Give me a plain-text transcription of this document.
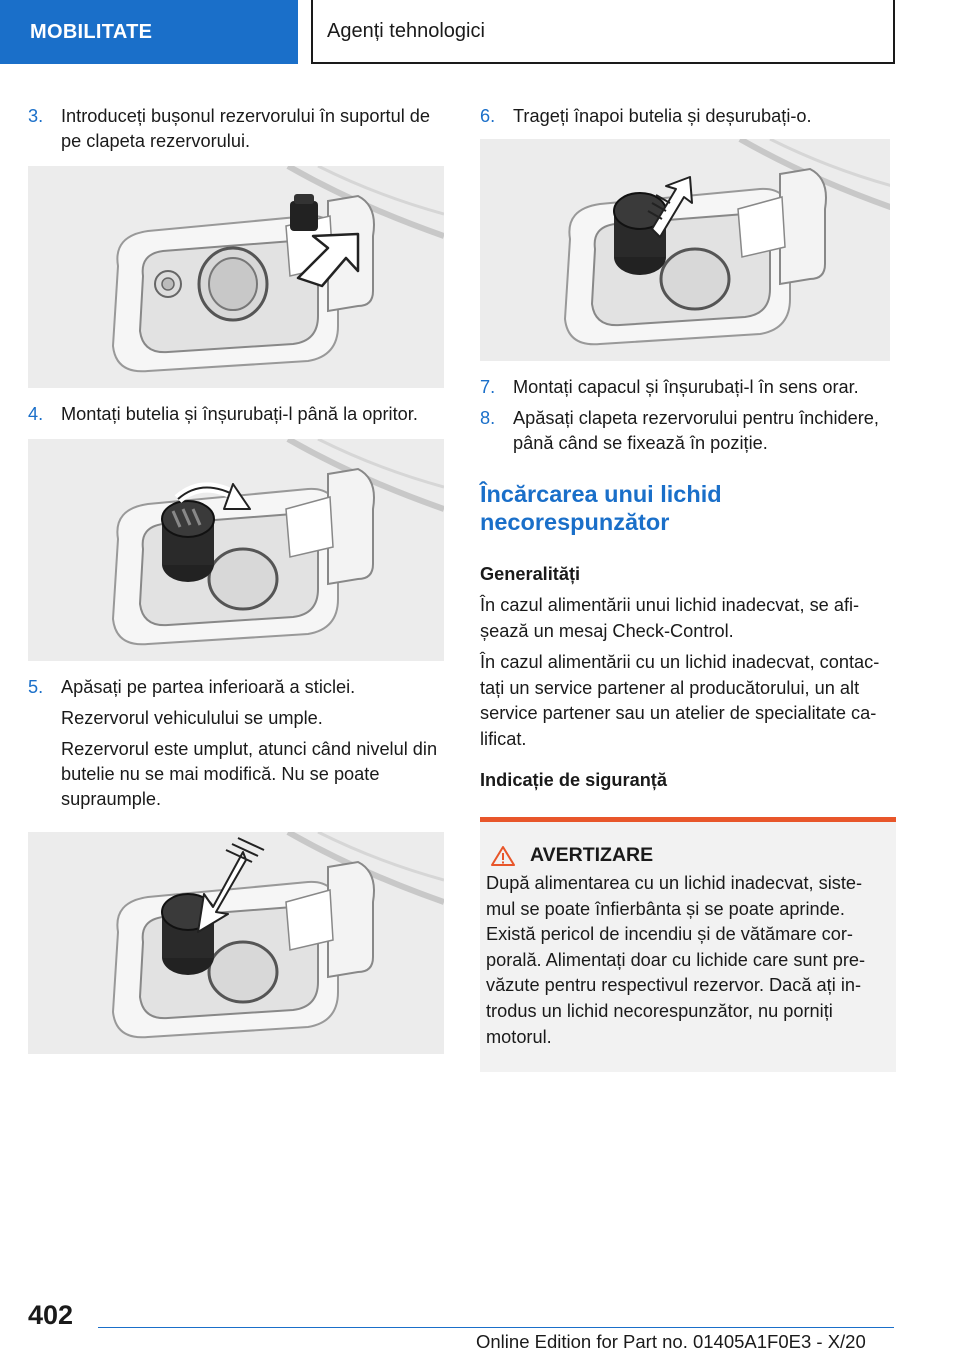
MOBILITATE	Agenți tehnologici
3. Introduceți bușonul rezervorului în suportul de pe clapeta rezervorului.

4. Montați butelia și înșurubați-l până la opritor.

5. Apăsați pe partea inferioară a sticlei.

Rezervorul vehiculului se umple.

Rezervorul este umplut, atunci când nivelul din butelie nu se mai modifică. Nu se poate supraumple.

6. Trageți înapoi butelia și deșurubați-o.

7. Montați capacul și înșurubați-l în sens orar.

8. Apăsați clapeta rezervorului pentru închidere, până când se fixează în poziție.

Încărcarea unui lichid necorespunzător

Generalități

În cazul alimentării unui lichid inadecvat, se afi-șează un mesaj Check-Control.

În cazul alimentării cu un lichid inadecvat, contac-tați un service partener al producătorului, un alt service partener sau un atelier de specialitate ca-lificat.

Indicație de siguranță

AVERTIZARE

După alimentarea cu un lichid inadecvat, siste-mul se poate înfierbânta și se poate aprinde. Există pericol de incendiu și de vătămare cor-porală. Alimentați doar cu lichide care sunt pre-văzute pentru respectivul rezervor. Dacă ați in-trodus un lichid necorespunzător, nu porniți motorul.

402
Online Edition for Part no. 01405A1F0E3 - X/20
